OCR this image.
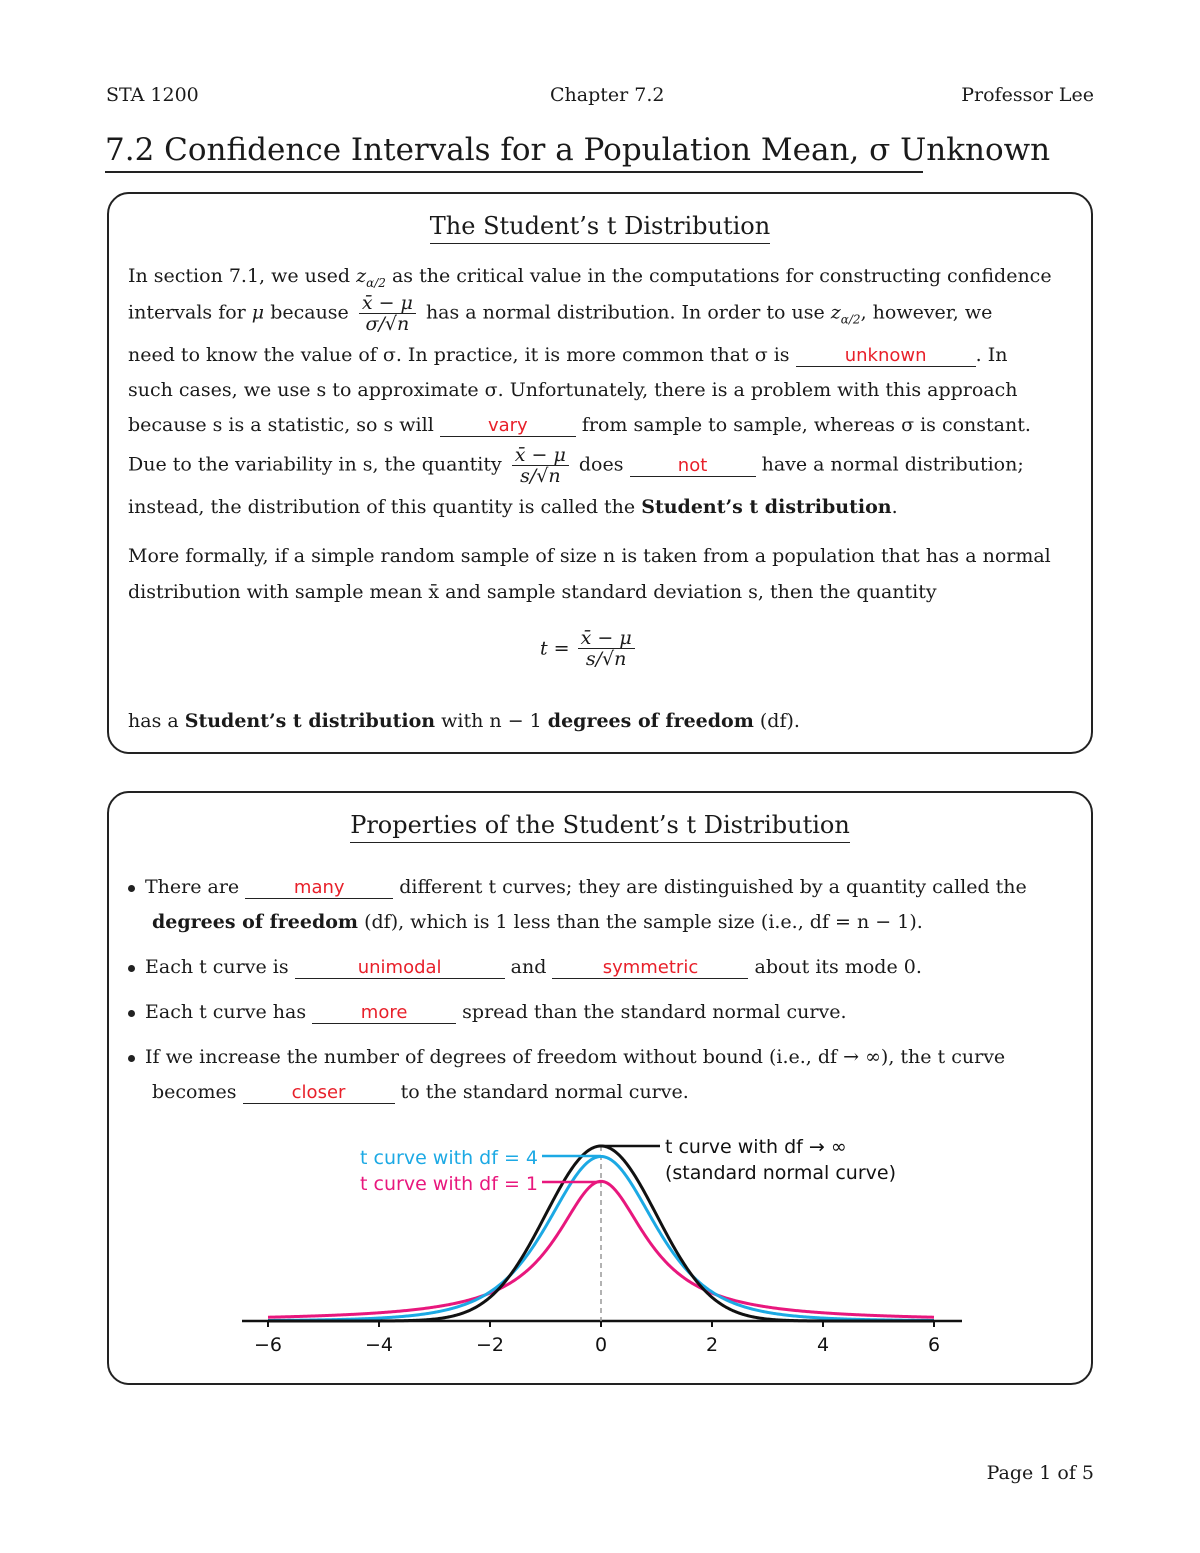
STA 1200	Chapter 7.2	Professor Lee
7.2 Confidence Intervals for a Population Mean, σ Unknown
The Student’s t Distribution
In section 7.1, we used $z_{\alpha/2}$ as the critical value in the computations for constructing confidence
intervals for μ because $\frac{x̄ - \mu}{\sigma/√n}$ has a normal distribution. In order to use $z_{\alpha/2}$, however, we
need to know the value of σ. In practice, it is more common that σ is	unknown	. In
such cases, we use s to approximate σ. Unfortunately, there is a problem with this approach
because s is a statistic, so s will	vary	from sample to sample, whereas σ is constant.
Due to the variability in s, the quantity $\frac{x̄ - \mu}{s/√n}$ does	not	have a normal distribution;
instead, the distribution of this quantity is called the Student’s t distribution.
More formally, if a simple random sample of size n is taken from a population that has a normal
distribution with sample mean x̄ and sample standard deviation s, then the quantity
$t = \frac{x̄ - \mu}{s/√n}$
has a Student’s t distribution with n − 1 degrees of freedom (df).
Properties of the Student’s t Distribution
There are	many	different t curves; they are distinguished by a quantity called the
degrees of freedom (df), which is 1 less than the sample size (i.e., df = n − 1).
Each t curve is	unimodal	and	symmetric	about its mode 0.
Each t curve has	more	spread than the standard normal curve.
If we increase the number of degrees of freedom without bound (i.e., df → ∞), the t curve
becomes	closer	to the standard normal curve.
−6	−4	−2	0	2	4	6
t curve with df = 4
t curve with df = 1
t curve with df → ∞
(standard normal curve)
Page 1 of 5
